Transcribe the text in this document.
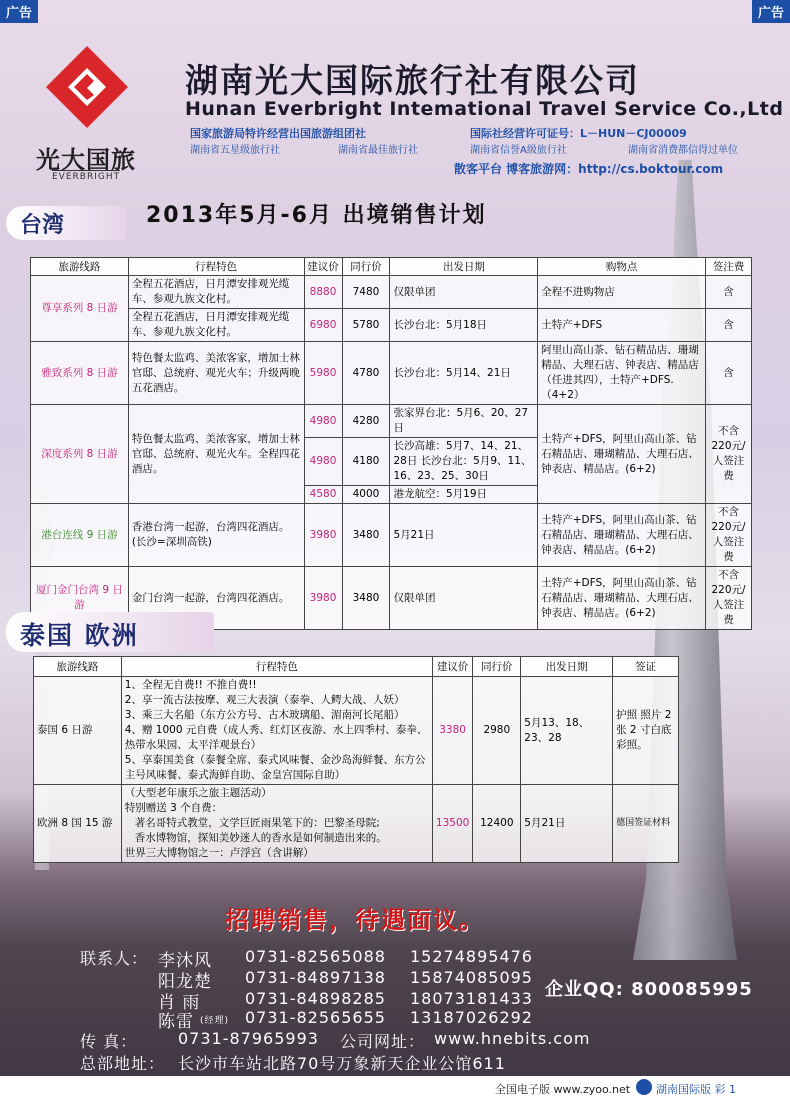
广告	广告
光大国旅
EVERBRIGHT
湖南光大国际旅行社有限公司
Hunan Everbright Intemational Travel Service Co.,Ltd
国家旅游局特许经营出国旅游组团社	国际社经营许可证号：L－HUN－CJ00009
湖南省五星级旅行社	湖南省最佳旅行社	湖南省信誉A级旅行社	湖南省消费都信得过单位
散客平台 博客旅游网：http://cs.boktour.com
台湾	2013年5月-6月 出境销售计划
旅游线路	行程特色	建议价	同行价	出发日期	购物点	签注费
尊享系列 8 日游	全程五花酒店，日月潭安排观光缆车、参观九族文化村。	8880	7480	仅限单团	全程不进购物店	含
	全程五花酒店，日月潭安排观光缆车、参观九族文化村。	6980	5780	长沙台北：5月18日	土特产+DFS	含
雅致系列 8 日游	特色餐太监鸡、美浓客家，增加士林官邸、总统府、观光火车；升级两晚五花酒店。	5980	4780	长沙台北：5月14、21日	阿里山高山茶、钻石精品店、珊瑚精品、大理石店、钟表店、精品店（任进其四），土特产+DFS.（4+2）	含
深度系列 8 日游	特色餐太监鸡、美浓客家，增加士林官邸、总统府、观光火车。全程四花酒店。	4980	4280	张家界台北：5月6、20、27日	土特产+DFS，阿里山高山茶、钻石精品店、珊瑚精品、大理石店、钟表店、精品店。(6+2)	不含220元/人签注费
		4980	4180	长沙高雄：5月7、14、21、28日 长沙台北：5月9、11、16、23、25、30日		
		4580	4000	港龙航空：5月19日		
港台连线 9 日游	香港台湾一起游，台湾四花酒店。(长沙=深圳高铁)	3980	3480	5月21日	土特产+DFS，阿里山高山茶、钻石精品店、珊瑚精品、大理石店、钟表店、精品店。(6+2)	不含220元/人签注费
厦门金门台湾 9 日游	金门台湾一起游，台湾四花酒店。	3980	3480	仅限单团	土特产+DFS，阿里山高山茶、钻石精品店、珊瑚精品、大理石店、钟表店、精品店。(6+2)	不含220元/人签注费
泰国 欧洲
旅游线路	行程特色	建议价	同行价	出发日期	签证
泰国 6 日游	1、全程无自费!! 不推自费!!
2、享一流古法按摩、观三大表演（泰拳、人鳄大战、人妖）
3、乘三大名船（东方公方号、古木玻璃船、湄南河长尾船）
4、赠 1000 元自费（成人秀、红灯区夜游、水上四季村、泰拳、热带水果园、太平洋观景台）
5、享泰国美食（泰餐全席、泰式风味餐、金沙岛海鲜餐、东方公主号风味餐、泰式海鲜自助、金皇宫国际自助）	3380	2980	5月13、18、23、28	护照 照片 2 张 2 寸白底彩照。
欧洲 8 国 15 游	（大型老年康乐之旅主题活动）
特别赠送 3 个自费：
著名哥特式教堂，文学巨匠雨果笔下的：巴黎圣母院;
香水博物馆，探知美妙迷人的香水是如何制造出来的。
世界三大博物馆之一：卢浮宫（含讲解）	13500	12400	5月21日	德国签证材料
招聘销售，待遇面议。
联系人： 李沐风 0731-82565088 15274895476
阳龙楚 0731-84897138 15874085095
肖 雨	0731-84898285 18073181433
陈雷 (经理) 0731-82565655 13187026292
企业QQ: 800085995
传 真：	0731-87965993 公司网址： www.hnebits.com
总部地址： 长沙市车站北路70号万象新天企业公馆611
全国电子版 www.zyoo.net 湖南国际版 彩 1
